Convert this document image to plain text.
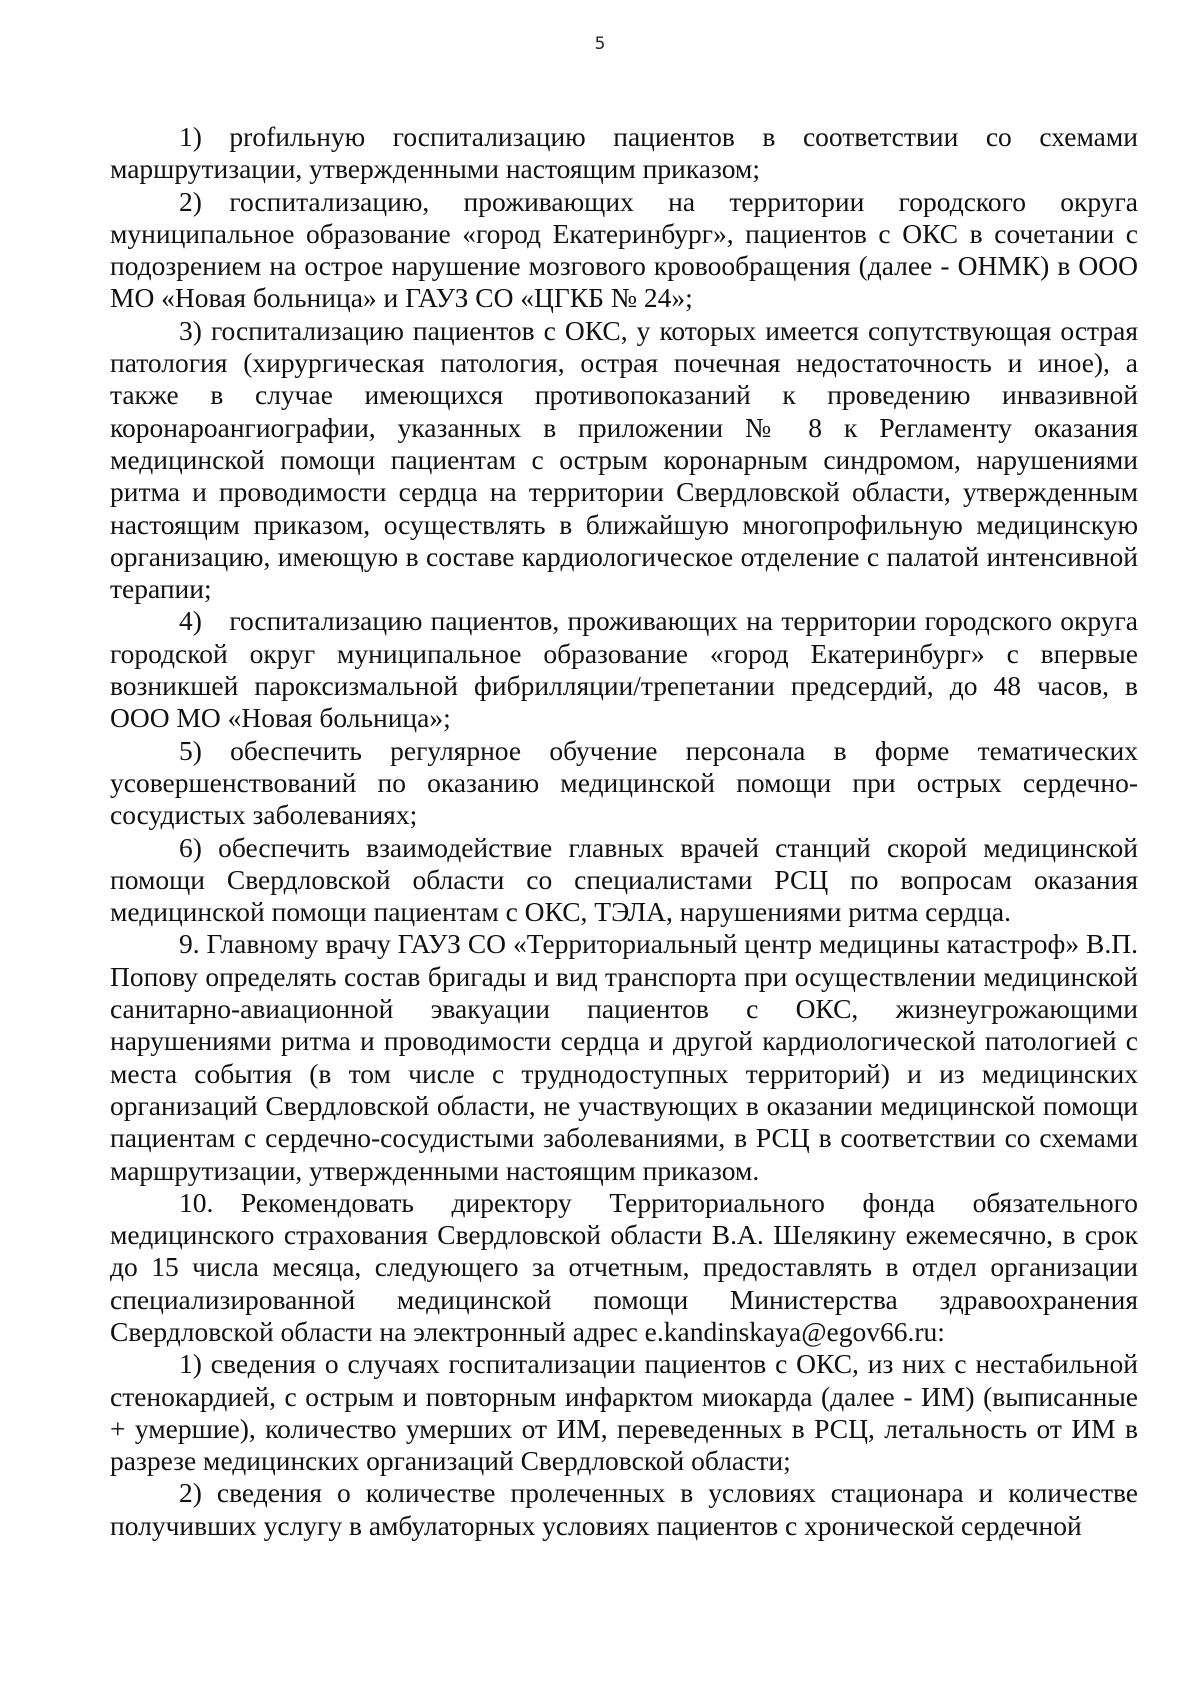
5

1) profильную госпитализацию пациентов в соответствии со схемами маршрутизации, утвержденными настоящим приказом;

2) госпитализацию, проживающих на территории городского округа муниципальное образование «город Екатеринбург», пациентов с ОКС в сочетании с подозрением на острое нарушение мозгового кровообращения (далее - ОНМК) в ООО МО «Новая больница» и ГАУЗ СО «ЦГКБ № 24»;

3) госпитализацию пациентов с ОКС, у которых имеется сопутствующая острая патология (хирургическая патология, острая почечная недостаточность и иное), а также в случае имеющихся противопоказаний к проведению инвазивной коронароангиографии, указанных в приложении № 8 к Регламенту оказания медицинской помощи пациентам с острым коронарным синдромом, нарушениями ритма и проводимости сердца на территории Свердловской области, утвержденным настоящим приказом, осуществлять в ближайшую многопрофильную медицинскую организацию, имеющую в составе кардиологическое отделение с палатой интенсивной терапии;

4) госпитализацию пациентов, проживающих на территории городского округа городской округ муниципальное образование «город Екатеринбург» с впервые возникшей пароксизмальной фибрилляции/трепетании предсердий, до 48 часов, в ООО МО «Новая больница»;

5) обеспечить регулярное обучение персонала в форме тематических усовершенствований по оказанию медицинской помощи при острых сердечно-сосудистых заболеваниях;

6) обеспечить взаимодействие главных врачей станций скорой медицинской помощи Свердловской области со специалистами РСЦ по вопросам оказания медицинской помощи пациентам с ОКС, ТЭЛА, нарушениями ритма сердца.

9. Главному врачу ГАУЗ СО «Территориальный центр медицины катастроф» В.П. Попову определять состав бригады и вид транспорта при осуществлении медицинской санитарно-авиационной эвакуации пациентов с ОКС, жизнеугрожающими нарушениями ритма и проводимости сердца и другой кардиологической патологией с места события (в том числе с труднодоступных территорий) и из медицинских организаций Свердловской области, не участвующих в оказании медицинской помощи пациентам с сердечно-сосудистыми заболеваниями, в РСЦ в соответствии со схемами маршрутизации, утвержденными настоящим приказом.

10. Рекомендовать директору Территориального фонда обязательного медицинского страхования Свердловской области В.А. Шелякину ежемесячно, в срок до 15 числа месяца, следующего за отчетным, предоставлять в отдел организации специализированной медицинской помощи Министерства здравоохранения Свердловской области на электронный адрес e.kandinskaya@egov66.ru:

1) сведения о случаях госпитализации пациентов с ОКС, из них с нестабильной стенокардией, с острым и повторным инфарктом миокарда (далее - ИМ) (выписанные + умершие), количество умерших от ИМ, переведенных в РСЦ, летальность от ИМ в разрезе медицинских организаций Свердловской области;

2) сведения о количестве пролеченных в условиях стационара и количестве получивших услугу в амбулаторных условиях пациентов с хронической сердечной
